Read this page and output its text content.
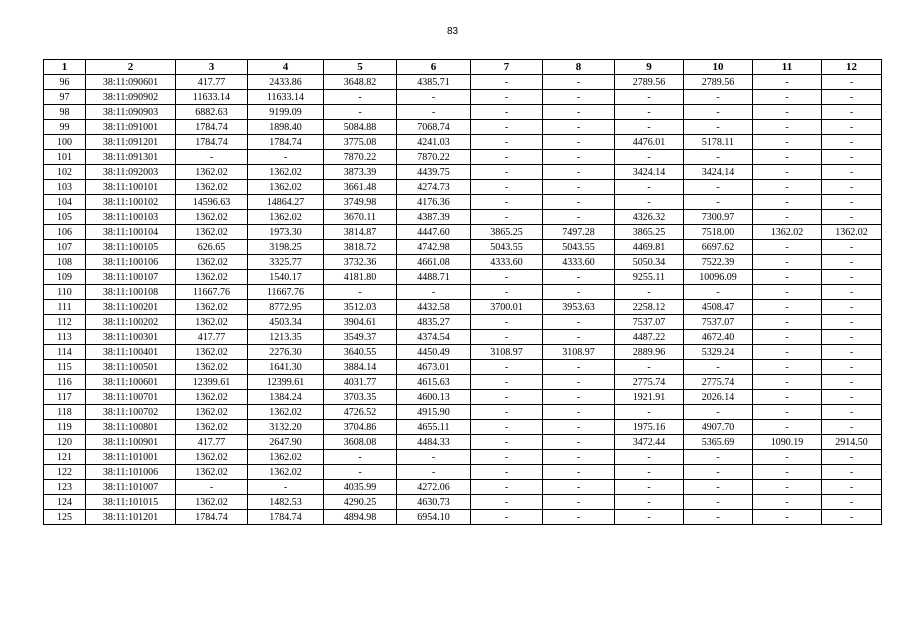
83
1	2	3	4	5	6	7	8	9	10	11	12
96	38:11:090601	417.77	2433.86	3648.82	4385.71	-	-	2789.56	2789.56	-	-
97	38:11:090902	11633.14	11633.14	-	-	-	-	-	-	-	-
98	38:11:090903	6882.63	9199.09	-	-	-	-	-	-	-	-
99	38:11:091001	1784.74	1898.40	5084.88	7068.74	-	-	-	-	-	-
100	38:11:091201	1784.74	1784.74	3775.08	4241.03	-	-	4476.01	5178.11	-	-
101	38:11:091301	-	-	7870.22	7870.22	-	-	-	-	-	-
102	38:11:092003	1362.02	1362.02	3873.39	4439.75	-	-	3424.14	3424.14	-	-
103	38:11:100101	1362.02	1362.02	3661.48	4274.73	-	-	-	-	-	-
104	38:11:100102	14596.63	14864.27	3749.98	4176.36	-	-	-	-	-	-
105	38:11:100103	1362.02	1362.02	3670.11	4387.39	-	-	4326.32	7300.97	-	-
106	38:11:100104	1362.02	1973.30	3814.87	4447.60	3865.25	7497.28	3865.25	7518.00	1362.02	1362.02
107	38:11:100105	626.65	3198.25	3818.72	4742.98	5043.55	5043.55	4469.81	6697.62	-	-
108	38:11:100106	1362.02	3325.77	3732.36	4661.08	4333.60	4333.60	5050.34	7522.39	-	-
109	38:11:100107	1362.02	1540.17	4181.80	4488.71	-	-	9255.11	10096.09	-	-
110	38:11:100108	11667.76	11667.76	-	-	-	-	-	-	-	-
111	38:11:100201	1362.02	8772.95	3512.03	4432.58	3700.01	3953.63	2258.12	4508.47	-	-
112	38:11:100202	1362.02	4503.34	3904.61	4835.27	-	-	7537.07	7537.07	-	-
113	38:11:100301	417.77	1213.35	3549.37	4374.54	-	-	4487.22	4672.40	-	-
114	38:11:100401	1362.02	2276.30	3640.55	4450.49	3108.97	3108.97	2889.96	5329.24	-	-
115	38:11:100501	1362.02	1641.30	3884.14	4673.01	-	-	-	-	-	-
116	38:11:100601	12399.61	12399.61	4031.77	4615.63	-	-	2775.74	2775.74	-	-
117	38:11:100701	1362.02	1384.24	3703.35	4600.13	-	-	1921.91	2026.14	-	-
118	38:11:100702	1362.02	1362.02	4726.52	4915.90	-	-	-	-	-	-
119	38:11:100801	1362.02	3132.20	3704.86	4655.11	-	-	1975.16	4907.70	-	-
120	38:11:100901	417.77	2647.90	3608.08	4484.33	-	-	3472.44	5365.69	1090.19	2914.50
121	38:11:101001	1362.02	1362.02	-	-	-	-	-	-	-	-
122	38:11:101006	1362.02	1362.02	-	-	-	-	-	-	-	-
123	38:11:101007	-	-	4035.99	4272.06	-	-	-	-	-	-
124	38:11:101015	1362.02	1482.53	4290.25	4630.73	-	-	-	-	-	-
125	38:11:101201	1784.74	1784.74	4894.98	6954.10	-	-	-	-	-	-
